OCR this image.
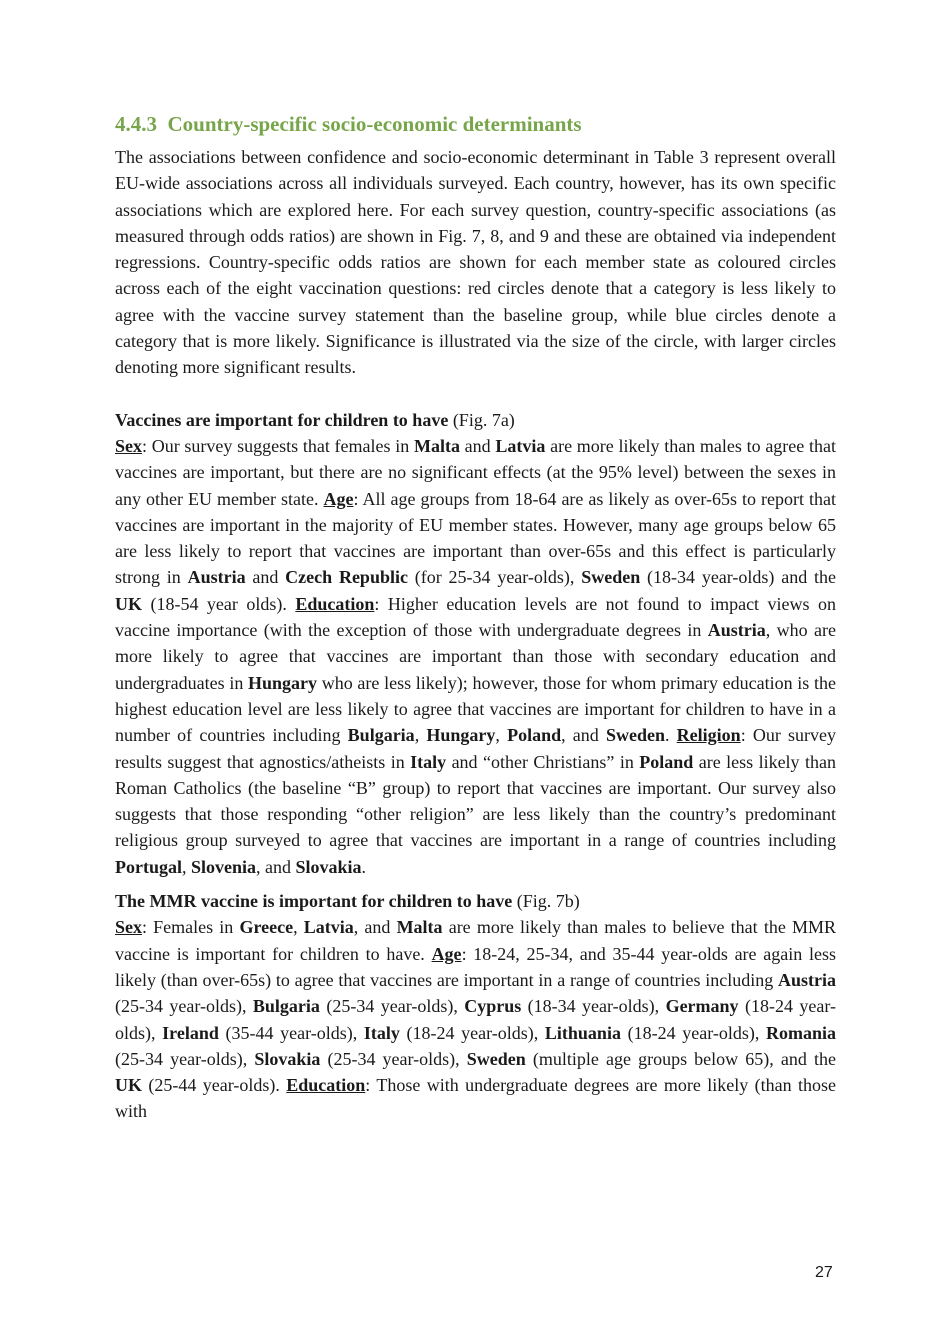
4.4.3 Country-specific socio-economic determinants

The associations between confidence and socio-economic determinant in Table 3 represent overall EU-wide associations across all individuals surveyed. Each country, however, has its own specific associations which are explored here. For each survey question, country-specific associations (as measured through odds ratios) are shown in Fig. 7, 8, and 9 and these are obtained via independent regressions. Country-specific odds ratios are shown for each member state as coloured circles across each of the eight vaccination questions: red circles denote that a category is less likely to agree with the vaccine survey statement than the baseline group, while blue circles denote a category that is more likely. Significance is illustrated via the size of the circle, with larger circles denoting more significant results.

Vaccines are important for children to have (Fig. 7a)

Sex: Our survey suggests that females in Malta and Latvia are more likely than males to agree that vaccines are important, but there are no significant effects (at the 95% level) between the sexes in any other EU member state. Age: All age groups from 18-64 are as likely as over-65s to report that vaccines are important in the majority of EU member states. However, many age groups below 65 are less likely to report that vaccines are important than over-65s and this effect is particularly strong in Austria and Czech Republic (for 25-34 year-olds), Sweden (18-34 year-olds) and the UK (18-54 year olds). Education: Higher education levels are not found to impact views on vaccine importance (with the exception of those with undergraduate degrees in Austria, who are more likely to agree that vaccines are important than those with secondary education and undergraduates in Hungary who are less likely); however, those for whom primary education is the highest education level are less likely to agree that vaccines are important for children to have in a number of countries including Bulgaria, Hungary, Poland, and Sweden. Religion: Our survey results suggest that agnostics/atheists in Italy and “other Christians” in Poland are less likely than Roman Catholics (the baseline “B” group) to report that vaccines are important. Our survey also suggests that those responding “other religion” are less likely than the country’s predominant religious group surveyed to agree that vaccines are important in a range of countries including Portugal, Slovenia, and Slovakia.

The MMR vaccine is important for children to have (Fig. 7b)

Sex: Females in Greece, Latvia, and Malta are more likely than males to believe that the MMR vaccine is important for children to have. Age: 18-24, 25-34, and 35-44 year-olds are again less likely (than over-65s) to agree that vaccines are important in a range of countries including Austria (25-34 year-olds), Bulgaria (25-34 year-olds), Cyprus (18-34 year-olds), Germany (18-24 year-olds), Ireland (35-44 year-olds), Italy (18-24 year-olds), Lithuania (18-24 year-olds), Romania (25-34 year-olds), Slovakia (25-34 year-olds), Sweden (multiple age groups below 65), and the UK (25-44 year-olds). Education: Those with undergraduate degrees are more likely (than those with

27
